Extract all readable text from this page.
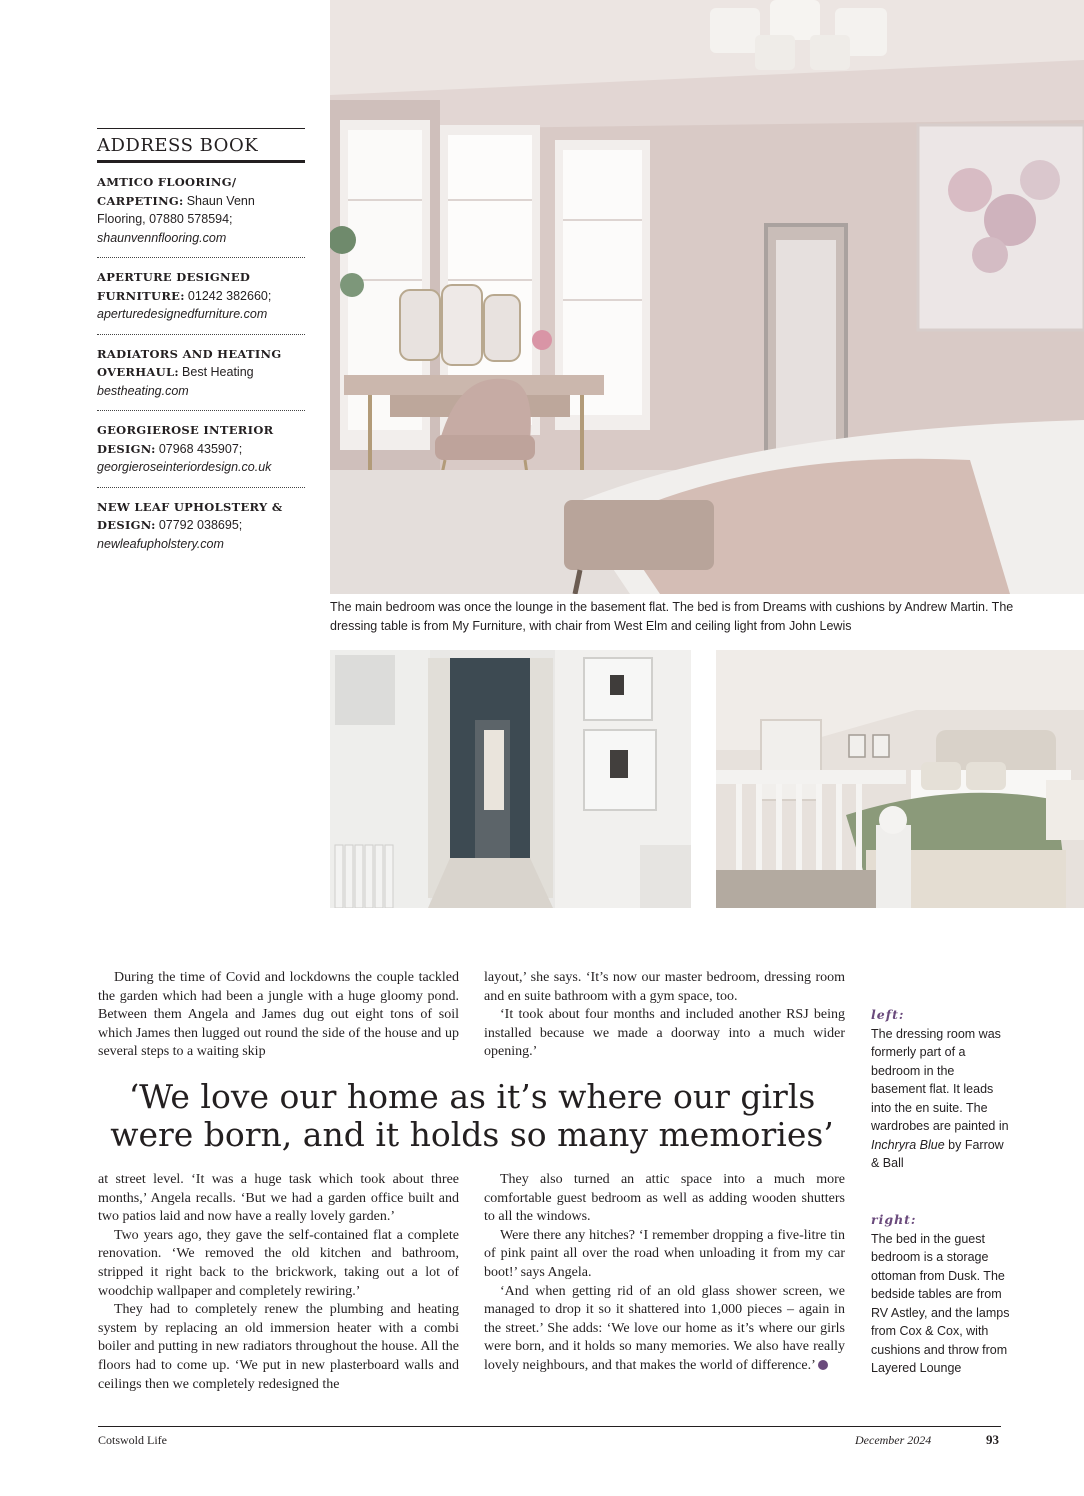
ADDRESS BOOK
AMTICO FLOORING/ CARPETING: Shaun Venn Flooring, 07880 578594;
shaunvennflooring.com
APERTURE DESIGNED FURNITURE: 01242 382660;
aperturedesignedfurniture.com
RADIATORS AND HEATING OVERHAUL: Best Heating
bestheating.com
GEORGIEROSE INTERIOR DESIGN: 07968 435907;
georgieroseinteriordesign.co.uk
NEW LEAF UPHOLSTERY & DESIGN: 07792 038695;
newleafupholstery.com
The main bedroom was once the lounge in the basement flat. The bed is from Dreams with cushions by Andrew Martin. The dressing table is from My Furniture, with chair from West Elm and ceiling light from John Lewis

During the time of Covid and lockdowns the couple tackled the garden which had been a jungle with a huge gloomy pond. Between them Angela and James dug out eight tons of soil which James then lugged out round the side of the house and up several steps to a waiting skip

layout,’ she says. ‘It’s now our master bedroom, dressing room and en suite bathroom with a gym space, too.

‘It took about four months and included another RSJ being installed because we made a doorway into a much wider opening.’

‘We love our home as it’s where our girls were born, and it holds so many memories’

at street level. ‘It was a huge task which took about three months,’ Angela recalls. ‘But we had a garden office built and two patios laid and now have a really lovely garden.’

Two years ago, they gave the self-contained flat a complete renovation. ‘We removed the old kitchen and bathroom, stripped it right back to the brickwork, taking out a lot of woodchip wallpaper and completely rewiring.’

They had to completely renew the plumbing and heating system by replacing an old immersion heater with a combi boiler and putting in new radiators throughout the house. All the floors had to come up. ‘We put in new plasterboard walls and ceilings then we completely redesigned the

They also turned an attic space into a much more comfortable guest bedroom as well as adding wooden shutters to all the windows.

Were there any hitches? ‘I remember dropping a five-litre tin of pink paint all over the road when unloading it from my car boot!’ says Angela.

‘And when getting rid of an old glass shower screen, we managed to drop it so it shattered into 1,000 pieces – again in the street.’ She adds: ‘We love our home as it’s where our girls were born, and it holds so many memories. We also have really lovely neighbours, and that makes the world of difference.’

left:
The dressing room was formerly part of a bedroom in the basement flat. It leads into the en suite. The wardrobes are painted in Inchryra Blue by Farrow & Ball
right:
The bed in the guest bedroom is a storage ottoman from Dusk. The bedside tables are from RV Astley, and the lamps from Cox & Cox, with cushions and throw from Layered Lounge
Cotswold Life	December 2024	93
